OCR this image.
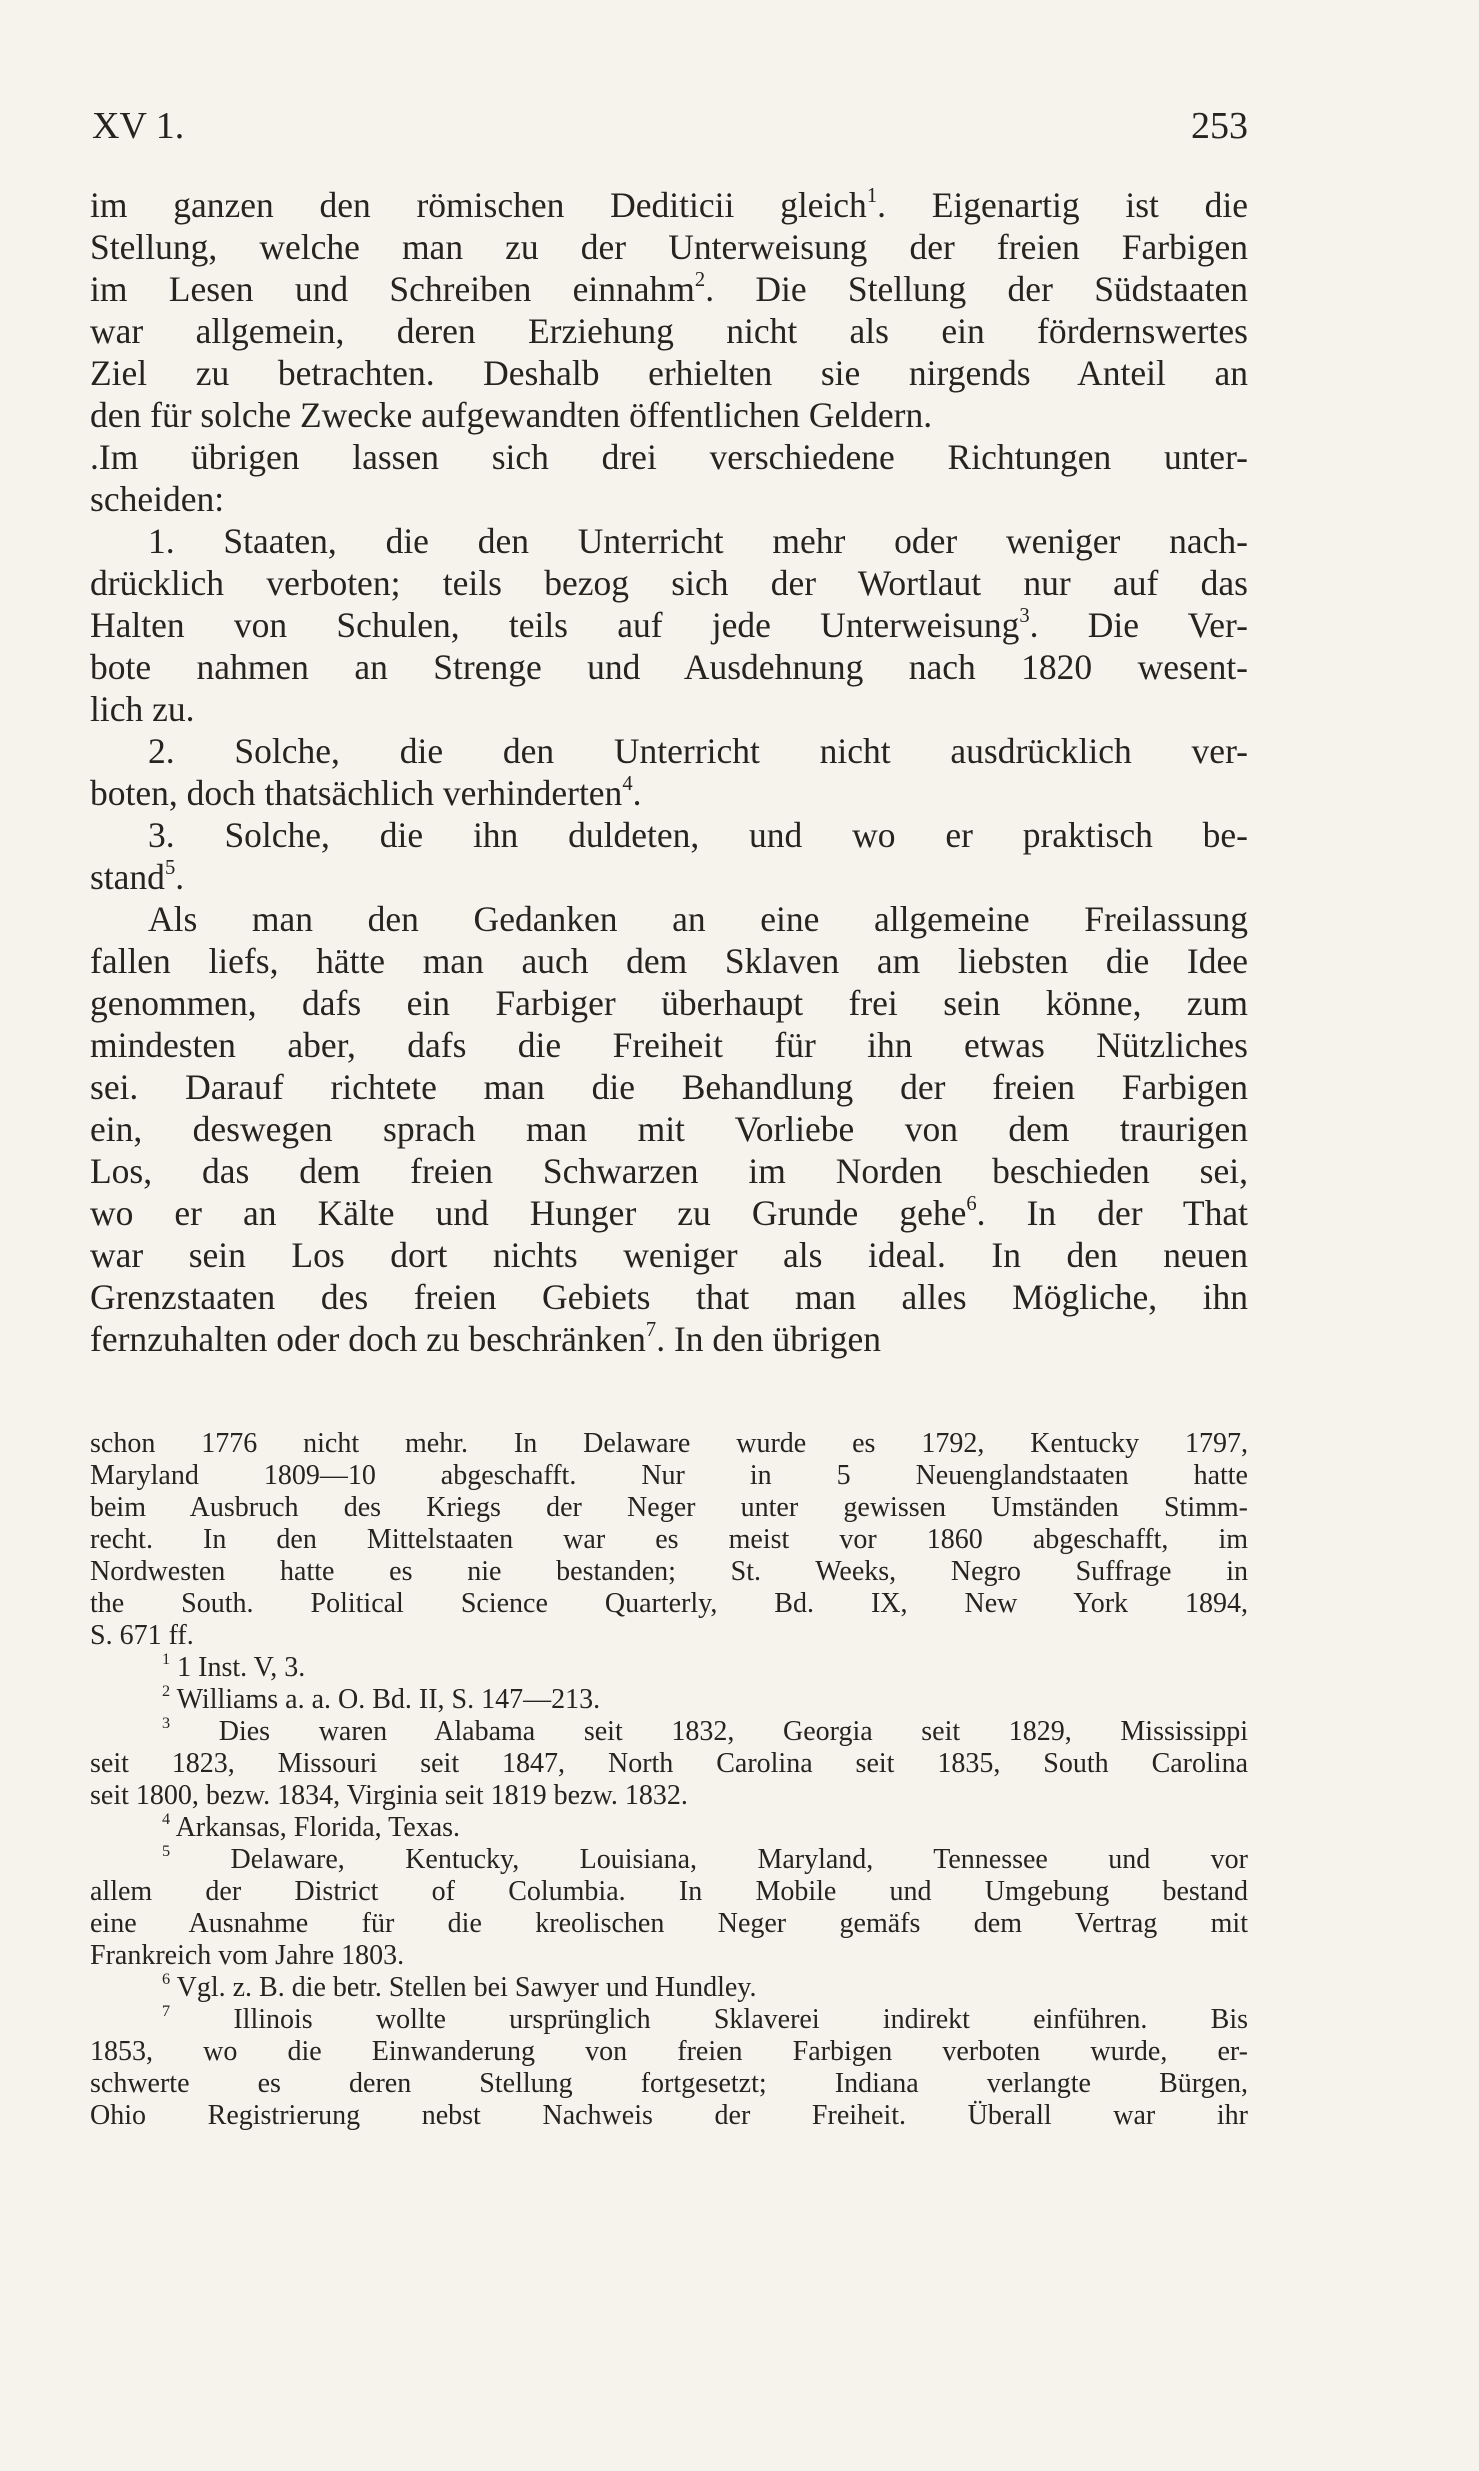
XV 1.	253
im ganzen den römischen Dediticii gleich$^1$. Eigenartig ist die
Stellung, welche man zu der Unterweisung der freien Farbigen
im Lesen und Schreiben einnahm$^2$. Die Stellung der Südstaaten
war allgemein, deren Erziehung nicht als ein fördernswertes
Ziel zu betrachten. Deshalb erhielten sie nirgends Anteil an
den für solche Zwecke aufgewandten öffentlichen Geldern.
.Im übrigen lassen sich drei verschiedene Richtungen unter-
scheiden:
1. Staaten, die den Unterricht mehr oder weniger nach-
drücklich verboten; teils bezog sich der Wortlaut nur auf das
Halten von Schulen, teils auf jede Unterweisung$^3$. Die Ver-
bote nahmen an Strenge und Ausdehnung nach 1820 wesent-
lich zu.
2. Solche, die den Unterricht nicht ausdrücklich ver-
boten, doch thatsächlich verhinderten$^4$.
3. Solche, die ihn duldeten, und wo er praktisch be-
stand$^5$.
Als man den Gedanken an eine allgemeine Freilassung
fallen liefs, hätte man auch dem Sklaven am liebsten die Idee
genommen, dafs ein Farbiger überhaupt frei sein könne, zum
mindesten aber, dafs die Freiheit für ihn etwas Nützliches
sei. Darauf richtete man die Behandlung der freien Farbigen
ein, deswegen sprach man mit Vorliebe von dem traurigen
Los, das dem freien Schwarzen im Norden beschieden sei,
wo er an Kälte und Hunger zu Grunde gehe$^6$. In der That
war sein Los dort nichts weniger als ideal. In den neuen
Grenzstaaten des freien Gebiets that man alles Mögliche, ihn
fernzuhalten oder doch zu beschränken$^7$. In den übrigen
schon 1776 nicht mehr. In Delaware wurde es 1792, Kentucky 1797,
Maryland 1809—10 abgeschafft. Nur in 5 Neuenglandstaaten hatte
beim Ausbruch des Kriegs der Neger unter gewissen Umständen Stimm-
recht. In den Mittelstaaten war es meist vor 1860 abgeschafft, im
Nordwesten hatte es nie bestanden; St. Weeks, Negro Suffrage in
the South. Political Science Quarterly, Bd. IX, New York 1894,
S. 671 ff.
$^1$ 1 Inst. V, 3.
$^2$ Williams a. a. O. Bd. II, S. 147—213.
$^3$ Dies waren Alabama seit 1832, Georgia seit 1829, Mississippi
seit 1823, Missouri seit 1847, North Carolina seit 1835, South Carolina
seit 1800, bezw. 1834, Virginia seit 1819 bezw. 1832.
$^4$ Arkansas, Florida, Texas.
$^5$ Delaware, Kentucky, Louisiana, Maryland, Tennessee und vor
allem der District of Columbia. In Mobile und Umgebung bestand
eine Ausnahme für die kreolischen Neger gemäfs dem Vertrag mit
Frankreich vom Jahre 1803.
$^6$ Vgl. z. B. die betr. Stellen bei Sawyer und Hundley.
$^7$ Illinois wollte ursprünglich Sklaverei indirekt einführen. Bis
1853, wo die Einwanderung von freien Farbigen verboten wurde, er-
schwerte es deren Stellung fortgesetzt; Indiana verlangte Bürgen,
Ohio Registrierung nebst Nachweis der Freiheit. Überall war ihr
